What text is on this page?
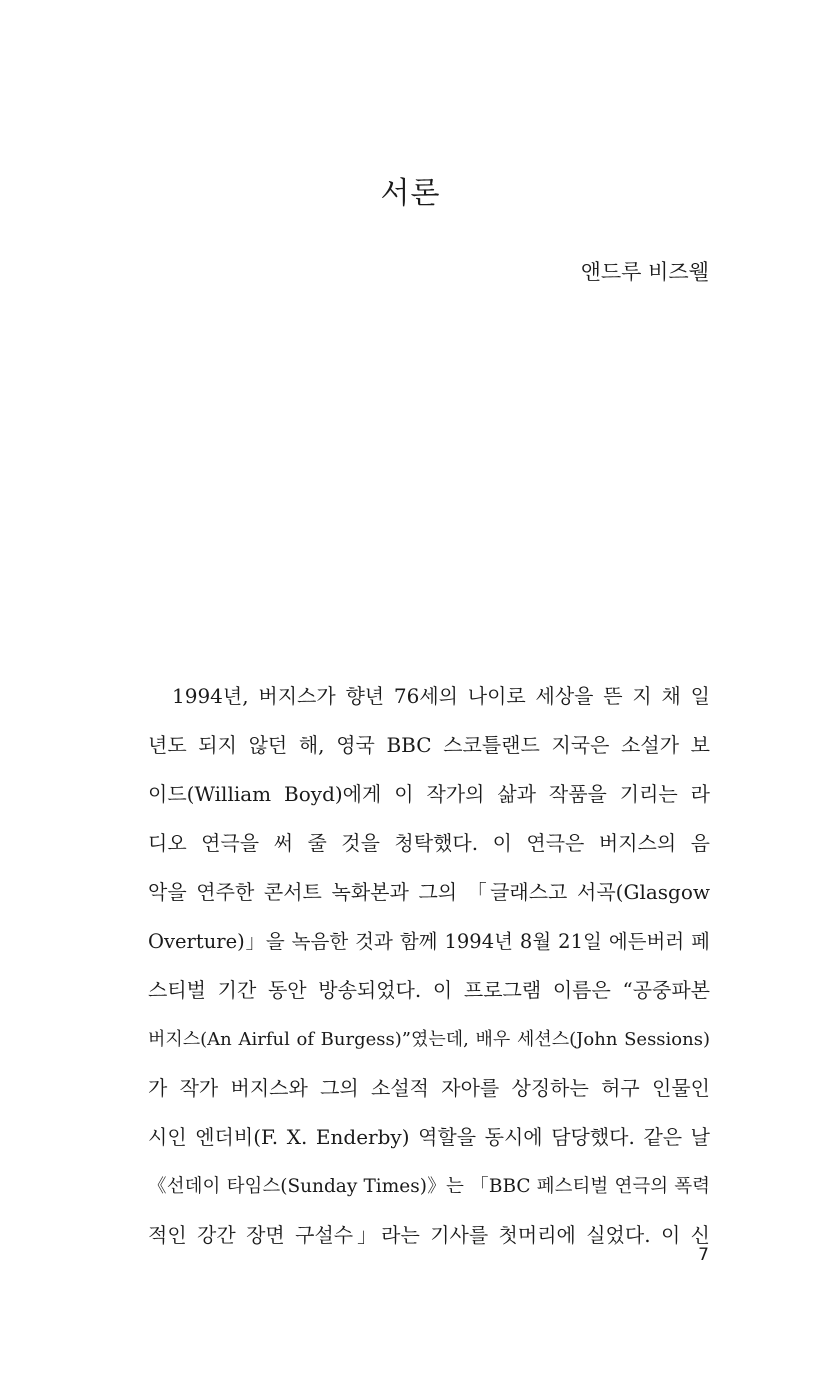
서론

앤드루 비즈웰

1994년, 버지스가 향년 76세의 나이로 세상을 뜬 지 채 일
년도 되지 않던 해, 영국 BBC 스코틀랜드 지국은 소설가 보
이드(William Boyd)에게 이 작가의 삶과 작품을 기리는 라
디오 연극을 써 줄 것을 청탁했다. 이 연극은 버지스의 음
악을 연주한 콘서트 녹화본과 그의 「글래스고 서곡(Glasgow
Overture)」을 녹음한 것과 함께 1994년 8월 21일 에든버러 페
스티벌 기간 동안 방송되었다. 이 프로그램 이름은 “공중파본
버지스(An Airful of Burgess)”였는데, 배우 세션스(John Sessions)
가 작가 버지스와 그의 소설적 자아를 상징하는 허구 인물인
시인 엔더비(F. X. Enderby) 역할을 동시에 담당했다. 같은 날
《선데이 타임스(Sunday Times)》는 「BBC 페스티벌 연극의 폭력
적인 강간 장면 구설수」라는 기사를 첫머리에 실었다. 이 신

7
